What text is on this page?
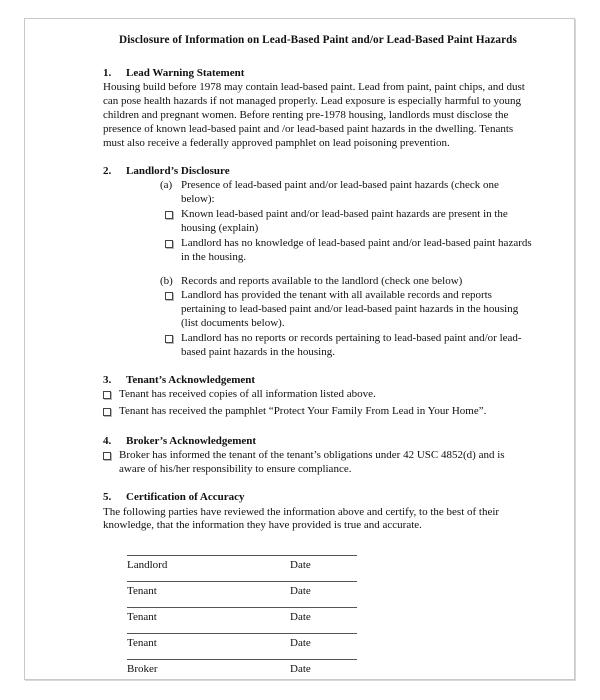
Disclosure of Information on Lead-Based Paint and/or Lead-Based Paint Hazards
1.	Lead Warning Statement

Housing build before 1978 may contain lead-based paint. Lead from paint, paint chips, and dust can pose health hazards if not managed properly. Lead exposure is especially harmful to young children and pregnant women. Before renting pre-1978 housing, landlords must disclose the presence of known lead-based paint and /or lead-based paint hazards in the dwelling. Tenants must also receive a federally approved pamphlet on lead poisoning prevention.

2.	Landlord’s Disclosure
(a) Presence of lead-based paint and/or lead-based paint hazards (check one below):
Known lead-based paint and/or lead-based paint hazards are present in the housing (explain)
Landlord has no knowledge of lead-based paint and/or lead-based paint hazards in the housing.
(b) Records and reports available to the landlord (check one below)
Landlord has provided the tenant with all available records and reports pertaining to lead-based paint and/or lead-based paint hazards in the housing (list documents below).
Landlord has no reports or records pertaining to lead-based paint and/or lead-based paint hazards in the housing.
3.	Tenant’s Acknowledgement
Tenant has received copies of all information listed above.
Tenant has received the pamphlet “Protect Your Family From Lead in Your Home”.
4.	Broker’s Acknowledgement
Broker has informed the tenant of the tenant’s obligations under 42 USC 4852(d) and is aware of his/her responsibility to ensure compliance.
5.	Certification of Accuracy

The following parties have reviewed the information above and certify, to the best of their knowledge, that the information they have provided is true and accurate.

Landlord	Date
Tenant	Date
Tenant	Date
Tenant	Date
Broker	Date
